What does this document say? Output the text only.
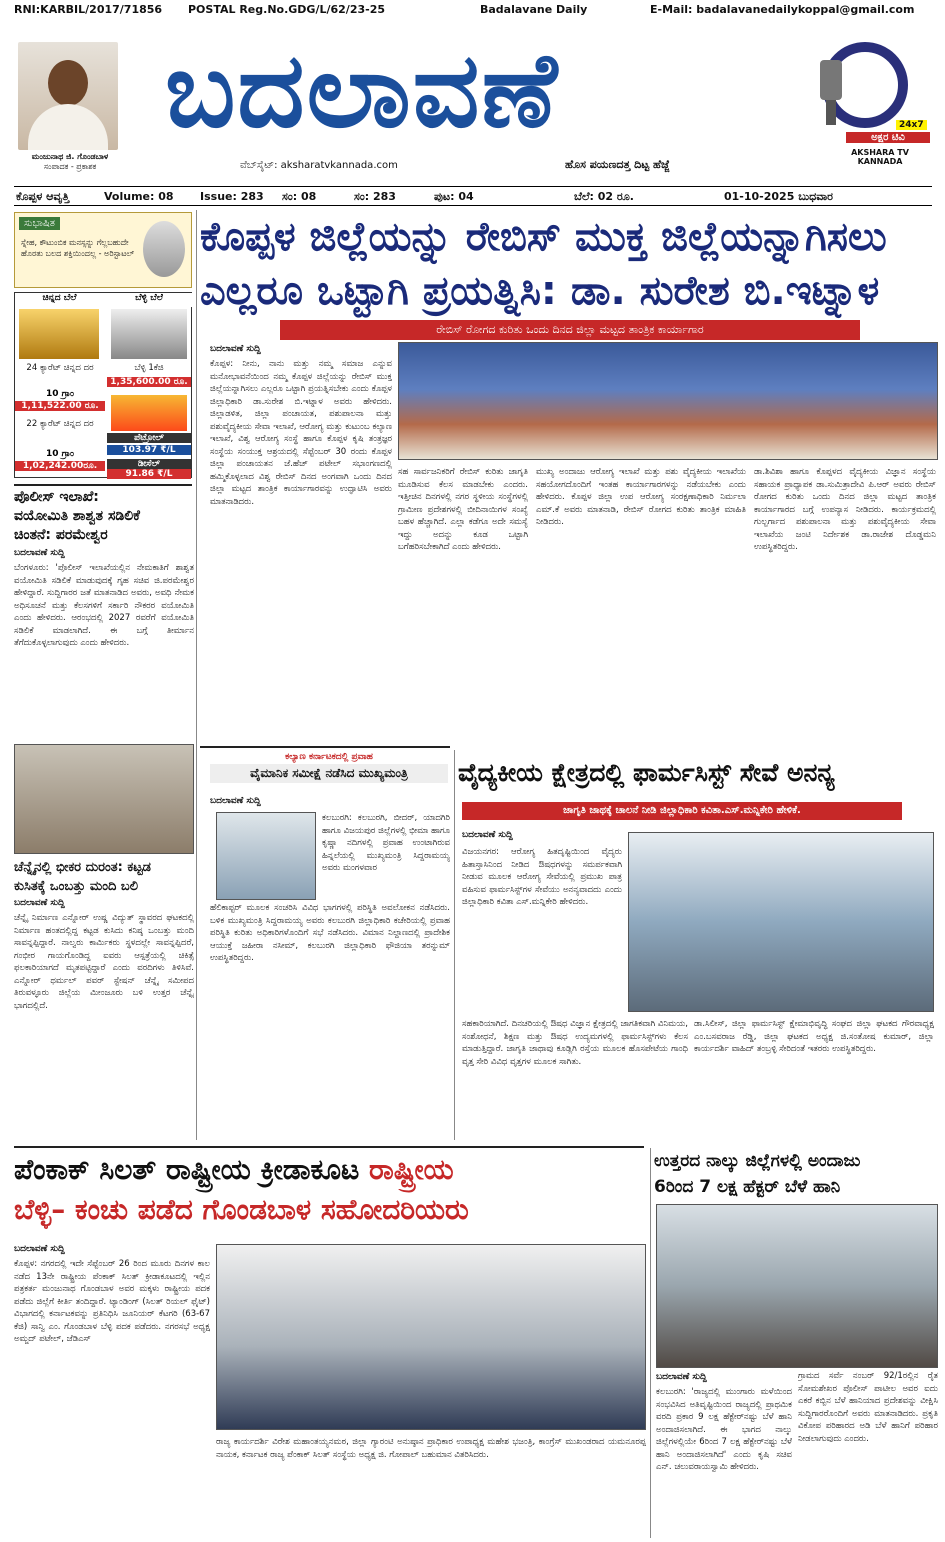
RNI:KARBIL/2017/71856 POSTAL Reg.No.GDG/L/62/23-25	Badalavane Daily	E-Mail: badalavanedailykoppal@gmail.com
ಮಂಜುನಾಥ ಜಿ. ಗೊಂಡಬಾಳ
ಸಂಪಾದಕ - ಪ್ರಕಾಶಕ
ಬದಲಾವಣೆ
ವೆಬ್‌ಸೈಟ್: aksharatvkannada.com	ಹೊಸ ಪಯಣದತ್ತ ದಿಟ್ಟ ಹೆಜ್ಜೆ
ಅಕ್ಷರ ಟಿವಿ
24x7
AKSHARA TV KANNADA
ಕೊಪ್ಪಳ ಆವೃತ್ತಿ	Volume: 08 Issue: 283 ಸಂ: 08	ಸಂ: 283	ಪುಟ: 04	ಬೆಲೆ: 02 ರೂ.	01-10-2025 ಬುಧವಾರ
ಸುಭಾಷಿತ
ಸ್ನೇಹ, ಕೌಟುಂಬಿಕ ಮನಸ್ಸನ್ನು ಗೆಲ್ಲಬಹುದೇ ಹೊರತು ಬಲದ ಶಕ್ತಿಯಿಂದಲ್ಲ - ಅರಿಸ್ಟಾಟಲ್
ಚಿನ್ನದ ಬೆಲೆ	ಬೆಳ್ಳಿ ಬೆಲೆ
24 ಕ್ಯಾರೆಟ್ ಚಿನ್ನದ ದರ
10 ಗ್ರಾಂ
1,11,522.00 ರೂ.
ಬೆಳ್ಳಿ 1ಕೆಜಿ
1,35,600.00 ರೂ.
22 ಕ್ಯಾರೆಟ್ ಚಿನ್ನದ ದರ
10 ಗ್ರಾಂ
1,02,242.00ರೂ.
ಪೆಟ್ರೋಲ್
103.97 ₹/L
ಡೀಸೆಲ್
91.86 ₹/L
ಕೊಪ್ಪಳ ಜಿಲ್ಲೆಯನ್ನು ರೇಬಿಸ್ ಮುಕ್ತ ಜಿಲ್ಲೆಯನ್ನಾಗಿಸಲು
ಎಲ್ಲರೂ ಒಟ್ಟಾಗಿ ಪ್ರಯತ್ನಿಸಿ: ಡಾ. ಸುರೇಶ ಬಿ.ಇಟ್ನಾಳ
ರೇಬಿಸ್ ರೋಗದ ಕುರಿತು ಒಂದು ದಿನದ ಜಿಲ್ಲಾ ಮಟ್ಟದ ತಾಂತ್ರಿಕ ಕಾರ್ಯಾಗಾರ
ಬದಲಾವಣೆ ಸುದ್ದಿ
ಕೊಪ್ಪಳ: ನೀನು, ನಾನು ಮತ್ತು ನಮ್ಮ ಸಮಾಜ ಎನ್ನುವ ಮನೋಭಾವನೆಯಿಂದ ನಮ್ಮ ಕೊಪ್ಪಳ ಜಿಲ್ಲೆಯನ್ನು ರೇಬಿಸ್ ಮುಕ್ತ ಜಿಲ್ಲೆಯನ್ನಾಗಿಸಲು ಎಲ್ಲರೂ ಒಟ್ಟಾಗಿ ಪ್ರಯತ್ನಿಸಬೇಕು ಎಂದು ಕೊಪ್ಪಳ ಜಿಲ್ಲಾಧಿಕಾರಿ ಡಾ.ಸುರೇಶ ಬಿ.ಇಟ್ನಾಳ ಅವರು ಹೇಳಿದರು. ಜಿಲ್ಲಾಡಳಿತ, ಜಿಲ್ಲಾ ಪಂಚಾಯತ, ಪಶುಪಾಲನಾ ಮತ್ತು ಪಶುವೈದ್ಯಕೀಯ ಸೇವಾ ಇಲಾಖೆ, ಆರೋಗ್ಯ ಮತ್ತು ಕುಟುಂಬ ಕಲ್ಯಾಣ ಇಲಾಖೆ, ವಿಶ್ವ ಆರೋಗ್ಯ ಸಂಸ್ಥೆ ಹಾಗೂ ಕೊಪ್ಪಳ ಕೃಷಿ ತಂತ್ರಜ್ಞರ ಸಂಸ್ಥೆಯ ಸಂಯುಕ್ತ ಆಶ್ರಯದಲ್ಲಿ ಸೆಪ್ಟೆಂಬರ್ 30 ರಂದು ಕೊಪ್ಪಳ ಜಿಲ್ಲಾ ಪಂಚಾಯತನ ಜೆ.ಹೆಚ್ ಪಟೇಲ್ ಸಭಾಂಗಣದಲ್ಲಿ ಹಮ್ಮಿಕೊಳ್ಳಲಾದ ವಿಶ್ವ ರೇಬಿಸ್ ದಿನದ ಅಂಗವಾಗಿ ಒಂದು ದಿನದ ಜಿಲ್ಲಾ ಮಟ್ಟದ ತಾಂತ್ರಿಕ ಕಾರ್ಯಾಗಾರವನ್ನು ಉದ್ಘಾಟಿಸಿ ಅವರು ಮಾತನಾಡಿದರು.
ಸಹ ಸಾರ್ವಜನಿಕರಿಗೆ ರೇಬಿಸ್ ಕುರಿತು ಜಾಗೃತಿ ಮೂಡಿಸುವ ಕೆಲಸ ಮಾಡಬೇಕು ಎಂದರು. ಇತ್ತೀಚಿನ ದಿನಗಳಲ್ಲಿ ನಗರ ಸ್ಥಳೀಯ ಸಂಸ್ಥೆಗಳಲ್ಲಿ ಗ್ರಾಮೀಣ ಪ್ರದೇಶಗಳಲ್ಲಿ ಬೀದಿನಾಯಿಗಳ ಸಂಖ್ಯೆ ಬಹಳ ಹೆಚ್ಚಾಗಿದೆ. ಎಲ್ಲಾ ಕಡೆಗೂ ಅದೇ ಸಮಸ್ಯೆ ಇದ್ದು ಅದನ್ನು ಕೂಡ ಒಟ್ಟಾಗಿ ಬಗೆಹರಿಸಬೇಕಾಗಿದೆ ಎಂದು ಹೇಳಿದರು.
ಮುಖ್ಯ ಅಂದಾಜು ಆರೋಗ್ಯ ಇಲಾಖೆ ಮತ್ತು ಪಶು ವೈದ್ಯಕೀಯ ಇಲಾಖೆಯ ಸಹಯೋಗದೊಂದಿಗೆ ಇಂತಹ ಕಾರ್ಯಾಗಾರಗಳನ್ನು ನಡೆಯಬೇಕು ಎಂದು ಹೇಳಿದರು. ಕೊಪ್ಪಳ ಜಿಲ್ಲಾ ಉಪ ಆರೋಗ್ಯ ಸಂರಕ್ಷಣಾಧಿಕಾರಿ ನಿರ್ಮಲಾ ಎಮ್.ಕೆ ಅವರು ಮಾತನಾಡಿ, ರೇಬಿಸ್ ರೋಗದ ಕುರಿತು ತಾಂತ್ರಿಕ ಮಾಹಿತಿ ನೀಡಿದರು.
ಡಾ.ಶಿವಿಶಾ ಹಾಗೂ ಕೊಪ್ಪಳದ ವೈದ್ಯಕೀಯ ವಿಜ್ಞಾನ ಸಂಸ್ಥೆಯ ಸಹಾಯಕ ಪ್ರಾಧ್ಯಾಪಕ ಡಾ.ಸುಮಿತ್ರಾದೇವಿ ಪಿ.ಆರ್ ಅವರು ರೇಬಿಸ್ ರೋಗದ ಕುರಿತು ಒಂದು ದಿನದ ಜಿಲ್ಲಾ ಮಟ್ಟದ ತಾಂತ್ರಿಕ ಕಾರ್ಯಾಗಾರದ ಬಗ್ಗೆ ಉಪನ್ಯಾಸ ನೀಡಿದರು. ಕಾರ್ಯಕ್ರಮದಲ್ಲಿ ಗುಲ್ಬರ್ಗಾದ ಪಶುಪಾಲನಾ ಮತ್ತು ಪಶುವೈದ್ಯಕೀಯ ಸೇವಾ ಇಲಾಖೆಯ ಜಂಟಿ ನಿರ್ದೇಶಕ ಡಾ.ರಾಜೇಶ ದೊಡ್ಡಮನಿ ಉಪಸ್ಥಿತರಿದ್ದರು.
ಪೊಲೀಸ್ ಇಲಾಖೆ:
ವಯೋಮಿತಿ ಶಾಶ್ವತ ಸಡಿಲಿಕೆ
ಚಿಂತನೆ: ಪರಮೇಶ್ವರ
ಬದಲಾವಣೆ ಸುದ್ದಿ
ಬೆಂಗಳೂರು: 'ಪೊಲೀಸ್ ಇಲಾಖೆಯಲ್ಲಿನ ನೇಮಕಾತಿಗೆ ಶಾಶ್ವತ ವಯೋಮಿತಿ ಸಡಿಲಿಕೆ ಮಾಡುವುದಕ್ಕೆ ಗೃಹ ಸಚಿವ ಜಿ.ಪರಮೇಶ್ವರ ಹೇಳಿದ್ದಾರೆ. ಸುದ್ದಿಗಾರರ ಜತೆ ಮಾತನಾಡಿದ ಅವರು, ಅವಧಿ ನೇಮಕ ಅಧಿಸೂಚನೆ ಮತ್ತು ಕೆಲಸಗಳಿಗೆ ಸರ್ಕಾರಿ ನೌಕರರ ವಯೋಮಿತಿ ಎಂದು ಹೇಳಿದರು. ಆರಂಭದಲ್ಲಿ 2027 ರವರೆಗೆ ವಯೋಮಿತಿ ಸಡಿಲಿಕೆ ಮಾಡಲಾಗಿದೆ. ಈ ಬಗ್ಗೆ ತೀರ್ಮಾನ ತೆಗೆದುಕೊಳ್ಳಲಾಗುವುದು ಎಂದು ಹೇಳಿದರು.
ಚೆನ್ನೈನಲ್ಲಿ ಭೀಕರ ದುರಂತ: ಕಟ್ಟಡ
ಕುಸಿತಕ್ಕೆ ಒಂಬತ್ತು ಮಂದಿ ಬಲಿ
ಬದಲಾವಣೆ ಸುದ್ದಿ
ಚೆನ್ನೈ ನಿರ್ಮಾಣ ಎನ್ನೋರ್ ಉಷ್ಣ ವಿದ್ಯುತ್ ಸ್ಥಾವರದ ಘಟಕದಲ್ಲಿ ನಿರ್ಮಾಣ ಹಂತದಲ್ಲಿದ್ದ ಕಟ್ಟಡ ಕುಸಿದು ಕನಿಷ್ಠ ಒಂಬತ್ತು ಮಂದಿ ಸಾವನ್ನಪ್ಪಿದ್ದಾರೆ. ನಾಲ್ವರು ಕಾರ್ಮಿಕರು ಸ್ಥಳದಲ್ಲೇ ಸಾವನ್ನಪ್ಪಿದರೆ, ಗಂಭೀರ ಗಾಯಗೊಂಡಿದ್ದ ಐವರು ಆಸ್ಪತ್ರೆಯಲ್ಲಿ ಚಿಕಿತ್ಸೆ ಫಲಕಾರಿಯಾಗದೆ ಮೃತಪಟ್ಟಿದ್ದಾರೆ ಎಂದು ವರದಿಗಳು ತಿಳಿಸಿವೆ. ಎನ್ನೋರ್ ಥರ್ಮಲ್ ಪವರ್ ಸ್ಟೇಷನ್ ಚೆನ್ನೈ ಸಮೀಪದ ತಿರುವಳ್ಳೂರು ಜಿಲ್ಲೆಯ ಮೀಂಜೂರು ಬಳಿ ಉತ್ತರ ಚೆನ್ನೈ ಭಾಗದಲ್ಲಿದೆ.
ಕಲ್ಯಾಣ ಕರ್ನಾಟಕದಲ್ಲಿ ಪ್ರವಾಹ
ವೈಮಾನಿಕ ಸಮೀಕ್ಷೆ ನಡೆಸಿದ ಮುಖ್ಯಮಂತ್ರಿ
ಬದಲಾವಣೆ ಸುದ್ದಿ
ಕಲಬುರಗಿ: ಕಲಬುರಗಿ, ಬೀದರ್, ಯಾದಗಿರಿ ಹಾಗೂ ವಿಜಯಪುರ ಜಿಲ್ಲೆಗಳಲ್ಲಿ ಭೀಮಾ ಹಾಗೂ ಕೃಷ್ಣಾ ನದಿಗಳಲ್ಲಿ ಪ್ರವಾಹ ಉಂಟಾಗಿರುವ ಹಿನ್ನಲೆಯಲ್ಲಿ ಮುಖ್ಯಮಂತ್ರಿ ಸಿದ್ದರಾಮಯ್ಯ ಅವರು ಮಂಗಳವಾರ
ಹೆಲಿಕಾಪ್ಟರ್ ಮೂಲಕ ಸಂಚರಿಸಿ ವಿವಿಧ ಭಾಗಗಳಲ್ಲಿ ಪರಿಸ್ಥಿತಿ ಅವಲೋಕನ ನಡೆಸಿದರು. ಬಳಿಕ ಮುಖ್ಯಮಂತ್ರಿ ಸಿದ್ದರಾಮಯ್ಯ ಅವರು ಕಲಬುರಗಿ ಜಿಲ್ಲಾಧಿಕಾರಿ ಕಚೇರಿಯಲ್ಲಿ ಪ್ರವಾಹ ಪರಿಸ್ಥಿತಿ ಕುರಿತು ಅಧಿಕಾರಿಗಳೊಂದಿಗೆ ಸಭೆ ನಡೆಸಿದರು. ವಿಮಾನ ನಿಲ್ದಾಣದಲ್ಲಿ ಪ್ರಾದೇಶಿಕ ಆಯುಕ್ತೆ ಜಹೀರಾ ನಸೀಮ್, ಕಲಬುರಗಿ ಜಿಲ್ಲಾಧಿಕಾರಿ ಫೌಜಿಯಾ ತರನ್ನುಮ್ ಉಪಸ್ಥಿತರಿದ್ದರು.
ವೈದ್ಯಕೀಯ ಕ್ಷೇತ್ರದಲ್ಲಿ ಫಾರ್ಮಸಿಸ್ಟ್ ಸೇವೆ ಅನನ್ಯ
ಜಾಗೃತಿ ಜಾಥಕ್ಕೆ ಚಾಲನೆ ನೀಡಿ ಜಿಲ್ಲಾಧಿಕಾರಿ ಕವಿತಾ.ಎಸ್.ಮನ್ನಿಕೇರಿ ಹೇಳಿಕೆ.
ಬದಲಾವಣೆ ಸುದ್ದಿ
ವಿಜಯನಗರ: ಆರೋಗ್ಯ ಹಿತದೃಷ್ಟಿಯಿಂದ ವೈದ್ಯರು ಹಿತಾಸ್ತಾಸಿನಿಂದ ನೀಡಿದ ಔಷಧಗಳನ್ನು ಸಮರ್ಪಕವಾಗಿ ನೀಡುವ ಮೂಲಕ ಆರೋಗ್ಯ ಸೇವೆಯಲ್ಲಿ ಪ್ರಮುಖ ಪಾತ್ರ ವಹಿಸುವ ಫಾರ್ಮಸಿಸ್ಟ್‌ಗಳ ಸೇವೆಯು ಅನನ್ಯವಾದದು ಎಂದು ಜಿಲ್ಲಾಧಿಕಾರಿ ಕವಿತಾ ಎಸ್.ಮನ್ನಿಕೇರಿ ಹೇಳಿದರು.
ಸಹಕಾರಿಯಾಗಿದೆ. ದಿನಚರಿಯಲ್ಲಿ ಔಷಧ ವಿಜ್ಞಾನ ಕ್ಷೇತ್ರದಲ್ಲಿ ಜಾಗತಿಕವಾಗಿ ವಿನಿಮಯ, ಸಂಶೋಧನೆ, ಶಿಕ್ಷಣ ಮತ್ತು ಔಷಧ ಉದ್ಯಮಗಳಲ್ಲಿ ಫಾರ್ಮಸಿಸ್ಟ್‌ಗಳು ಕೆಲಸ ಮಾಡುತ್ತಿದ್ದಾರೆ. ಜಾಗೃತಿ ಜಾಥಾವು ಕೂಡ್ಲಿಗಿ ರಸ್ತೆಯ ಮೂಲಕ ಹೊಸಪೇಟೆಯ ಗಾಂಧಿ ವೃತ್ತ ಸೇರಿ ವಿವಿಧ ವೃತ್ತಗಳ ಮೂಲಕ ಸಾಗಿತು.
ಡಾ.ಸಿಲೀಸ್, ಜಿಲ್ಲಾ ಫಾರ್ಮಸಿಸ್ಟ್ ಕ್ಷೇಮಾಭಿವೃದ್ಧಿ ಸಂಘದ ಜಿಲ್ಲಾ ಘಟಕದ ಗೌರವಾಧ್ಯಕ್ಷ ಎಂ.ಬಸವರಾಜ ರೆಡ್ಡಿ, ಜಿಲ್ಲಾ ಘಟಕದ ಅಧ್ಯಕ್ಷ ಜಿ.ಸಂತೋಷ ಕುಮಾರ್, ಜಿಲ್ಲಾ ಕಾರ್ಯದರ್ಶಿ ವಾಹಿದ್ ತಂಬ್ರಳ್ಳಿ ಸೇರಿದಂತೆ ಇತರರು ಉಪಸ್ಥಿತರಿದ್ದರು.
ಪೆಂಕಾಕ್ ಸಿಲತ್ ರಾಷ್ಟ್ರೀಯ ಕ್ರೀಡಾಕೂಟ ರಾಷ್ಟ್ರೀಯ
ಬೆಳ್ಳಿ– ಕಂಚು ಪಡೆದ ಗೊಂಡಬಾಳ ಸಹೋದರಿಯರು
ಬದಲಾವಣೆ ಸುದ್ದಿ
ಕೊಪ್ಪಳ: ನಗರದಲ್ಲಿ ಇದೇ ಸೆಪ್ಟೆಂಬರ್ 26 ರಿಂದ ಮೂರು ದಿನಗಳ ಕಾಲ ನಡೆದ 13ನೇ ರಾಷ್ಟ್ರೀಯ ಪೆಂಕಾಕ್ ಸಿಲತ್ ಕ್ರೀಡಾಕೂಟದಲ್ಲಿ ಇಲ್ಲಿನ ಪತ್ರಕರ್ತ ಮಂಜುನಾಥ ಗೊಂಡಬಾಳ ಅವರ ಮಕ್ಕಳು ರಾಷ್ಟ್ರೀಯ ಪದಕ ಪಡೆದು ಜಿಲ್ಲೆಗೆ ಕೀರ್ತಿ ತಂದಿದ್ದಾರೆ. ಟ್ಯಾಂಡಿಂಗ್ (ಸಿಲತ್ ರಿಯಲ್ ಫೈಟ್) ವಿಭಾಗದಲ್ಲಿ ಕರ್ನಾಟಕವನ್ನು ಪ್ರತಿನಿಧಿಸಿ ಜೂನಿಯರ್ ಕೆಟಗರಿ (63-67 ಕೆಜಿ) ಸಾನ್ವಿ ಎಂ. ಗೊಂಡಬಾಳ ಬೆಳ್ಳಿ ಪದಕ ಪಡೆದರು. ನಗರಸಭೆ ಅಧ್ಯಕ್ಷ ಅಮ್ಜದ್ ಪಟೇಲ್, ಜೆಡಿಎಸ್
ರಾಜ್ಯ ಕಾರ್ಯದರ್ಶಿ ವಿರೇಶ ಮಹಾಂತಯ್ಯನಮಠ, ಜಿಲ್ಲಾ ಗ್ಯಾರಂಟಿ ಅನುಷ್ಠಾನ ಪ್ರಾಧಿಕಾರ ಉಪಾಧ್ಯಕ್ಷ ಮಹೇಶ ಭಜಂತ್ರಿ, ಕಾಂಗ್ರೆಸ್ ಮುಖಂಡರಾದ ಯಮನೂರಪ್ಪ ನಾಯಕ, ಕರ್ನಾಟಕ ರಾಜ್ಯ ಪೆಂಕಾಕ್ ಸಿಲತ್ ಸಂಸ್ಥೆಯ ಅಧ್ಯಕ್ಷ ಜಿ. ಗೋಪಾಲ್ ಬಹುಮಾನ ವಿತರಿಸಿದರು.
ಉತ್ತರದ ನಾಲ್ಕು ಜಿಲ್ಲೆಗಳಲ್ಲಿ ಅಂದಾಜು
6ರಿಂದ 7 ಲಕ್ಷ ಹೆಕ್ಟರ್ ಬೆಳೆ ಹಾನಿ
ಬದಲಾವಣೆ ಸುದ್ದಿ
ಕಲಬುರಗಿ: 'ರಾಜ್ಯದಲ್ಲಿ ಮುಂಗಾರು ಮಳೆಯಿಂದ ಸಂಭವಿಸಿದ ಅತಿವೃಷ್ಟಿಯಿಂದ ರಾಜ್ಯದಲ್ಲಿ ಪ್ರಾಥಮಿಕ ವರದಿ ಪ್ರಕಾರ 9 ಲಕ್ಷ ಹೆಕ್ಟೇರ್‌ನಷ್ಟು ಬೆಳೆ ಹಾನಿ ಅಂದಾಜಿಸಲಾಗಿದೆ. ಈ ಭಾಗದ ನಾಲ್ಕು ಜಿಲ್ಲೆಗಳಲ್ಲಿಯೇ 6ರಿಂದ 7 ಲಕ್ಷ ಹೆಕ್ಟೇರ್‌ನಷ್ಟು ಬೆಳೆ ಹಾನಿ ಅಂದಾಜಿಸಲಾಗಿದೆ' ಎಂದು ಕೃಷಿ ಸಚಿವ ಎನ್. ಚಲುವರಾಯಸ್ವಾಮಿ ಹೇಳಿದರು.
ಗ್ರಾಮದ ಸರ್ವೆ ನಂಬರ್ 92/1ರಲ್ಲಿನ ರೈತ ಸೋಮಶೇಖರ ಪೊಲೀಸ್ ಪಾಟೀಲ ಅವರ ಐದು ಎಕರೆ ಕಬ್ಬಿನ ಬೆಳೆ ಹಾನಿಯಾದ ಪ್ರದೇಶವನ್ನು ವೀಕ್ಷಿಸಿ ಸುದ್ದಿಗಾರರೊಂದಿಗೆ ಅವರು ಮಾತನಾಡಿದರು. ಪ್ರಕೃತಿ ವಿಕೋಪ ಪರಿಹಾರದ ಅಡಿ ಬೆಳೆ ಹಾನಿಗೆ ಪರಿಹಾರ ನೀಡಲಾಗುವುದು ಎಂದರು.
